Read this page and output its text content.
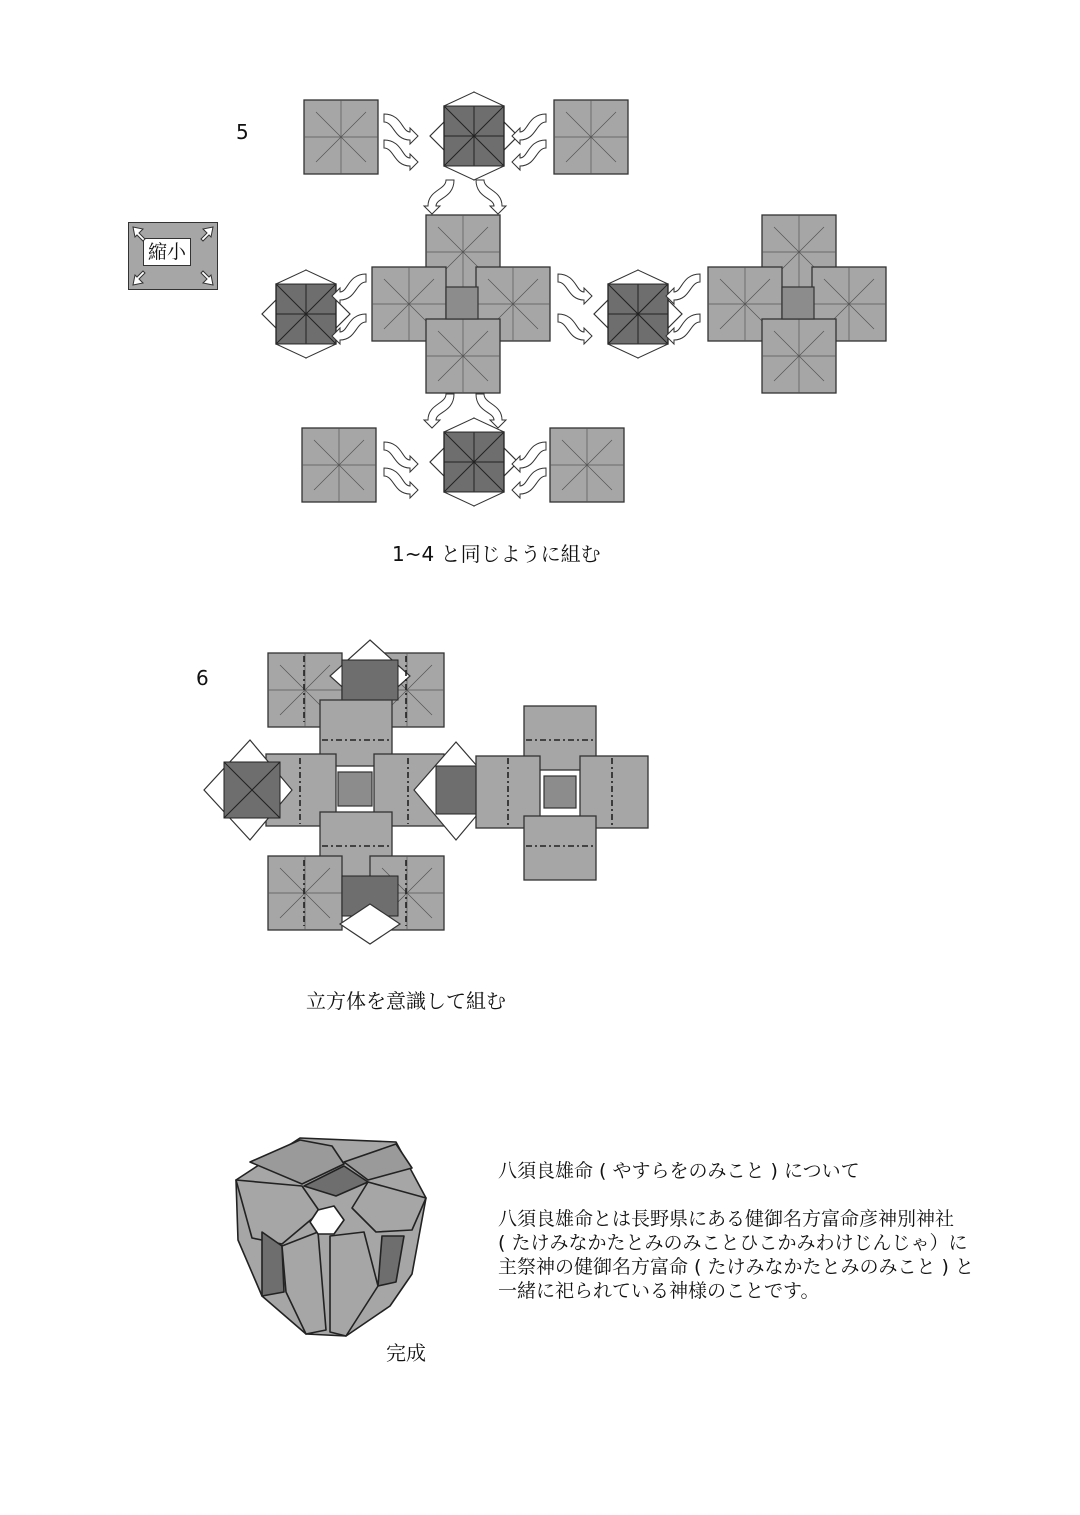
5
6
1~4 と同じように組む
立方体を意識して組む
完成
八須良雄命 ( やすらをのみこと ) について
八須良雄命とは長野県にある健御名方富命彦神別神社
( たけみなかたとみのみことひこかみわけじんじゃ）に
主祭神の健御名方富命 ( たけみなかたとみのみこと ) と
一緒に祀られている神様のことです。
縮小
